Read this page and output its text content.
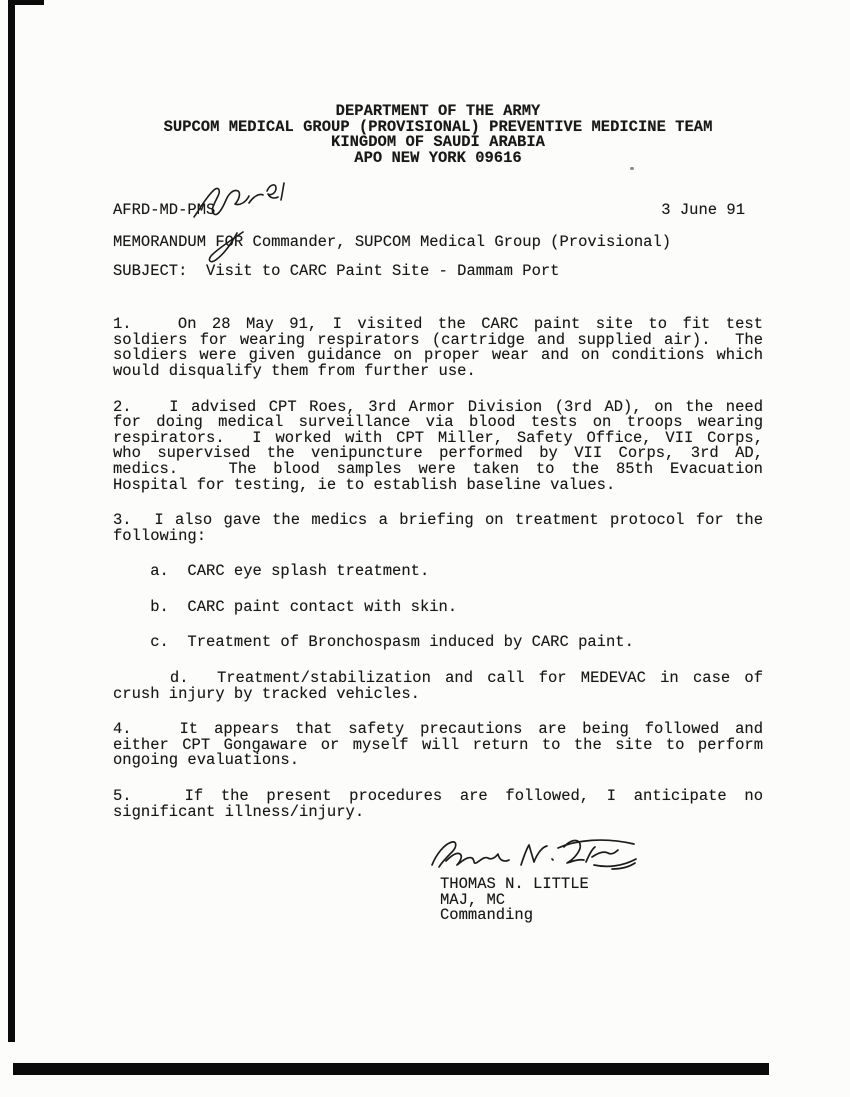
DEPARTMENT OF THE ARMY
SUPCOM MEDICAL GROUP (PROVISIONAL) PREVENTIVE MEDICINE TEAM
KINGDOM OF SAUDI ARABIA
APO NEW YORK 09616
AFRD-MD-PMS	3 June 91
MEMORANDUM FOR Commander, SUPCOM Medical Group (Provisional)
SUBJECT:  Visit to CARC Paint Site - Dammam Port
1.   On 28 May 91, I visited the CARC paint site to fit test
soldiers for wearing respirators (cartridge and supplied air).  The
soldiers were given guidance on proper wear and on conditions which
would disqualify them from further use.
2.   I advised CPT Roes, 3rd Armor Division (3rd AD), on the need
for doing medical surveillance via blood tests on troops wearing
respirators.  I worked with CPT Miller, Safety Office, VII Corps,
who supervised the venipuncture performed by VII Corps, 3rd AD,
medics.   The blood samples were taken to the 85th Evacuation
Hospital for testing, ie to establish baseline values.
3.  I also gave the medics a briefing on treatment protocol for the
following:
a.  CARC eye splash treatment.
b.  CARC paint contact with skin.
c.  Treatment of Bronchospasm induced by CARC paint.
d.  Treatment/stabilization and call for MEDEVAC in case of
crush injury by tracked vehicles.
4.   It appears that safety precautions are being followed and
either CPT Gongaware or myself will return to the site to perform
ongoing evaluations.
5.   If the present procedures are followed, I anticipate no
significant illness/injury.
THOMAS N. LITTLE
MAJ, MC
Commanding
